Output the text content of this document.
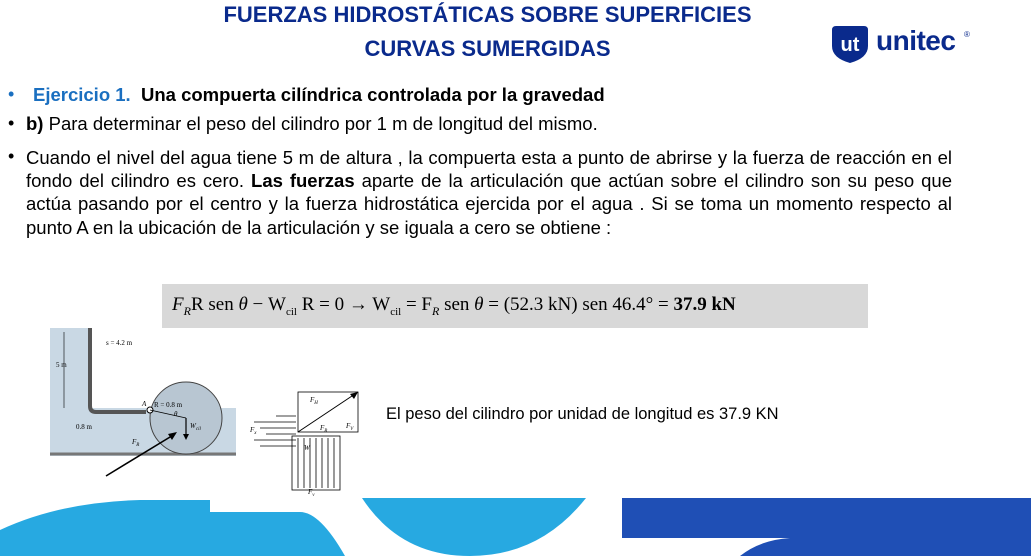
FUERZAS HIDROSTÁTICAS SOBRE SUPERFICIES
CURVAS SUMERGIDAS	ut unitec ®
• Ejercicio 1. Una compuerta cilíndrica controlada por la gravedad
• b) Para determinar el peso del cilindro por 1 m de longitud del mismo.
• Cuando el nivel del agua tiene 5 m de altura , la compuerta esta a punto de abrirse y la fuerza de reacción en el fondo del cilindro es cero. Las fuerzas aparte de la articulación que actúan sobre el cilindro son su peso que actúa pasando por el centro y la fuerza hidrostática ejercida por el agua . Si se toma un momento respecto al punto A en la ubicación de la articulación y se iguala a cero se obtiene :
$F_RR$ sen $\theta - W_{cil}$ $R = 0 \to W_{cil} = F_R$ sen θ = (52.3 kN) sen 46.4° = 37.9 kN
s = 4.2 m
5 m
A R = 0.8 m
θ
$W_{cil}$
0.8 m
$F_R$
$F_H$
$F_V$
$F_x$
$F_R$
W
$F_y$
El peso del cilindro por unidad de longitud es 37.9 KN
